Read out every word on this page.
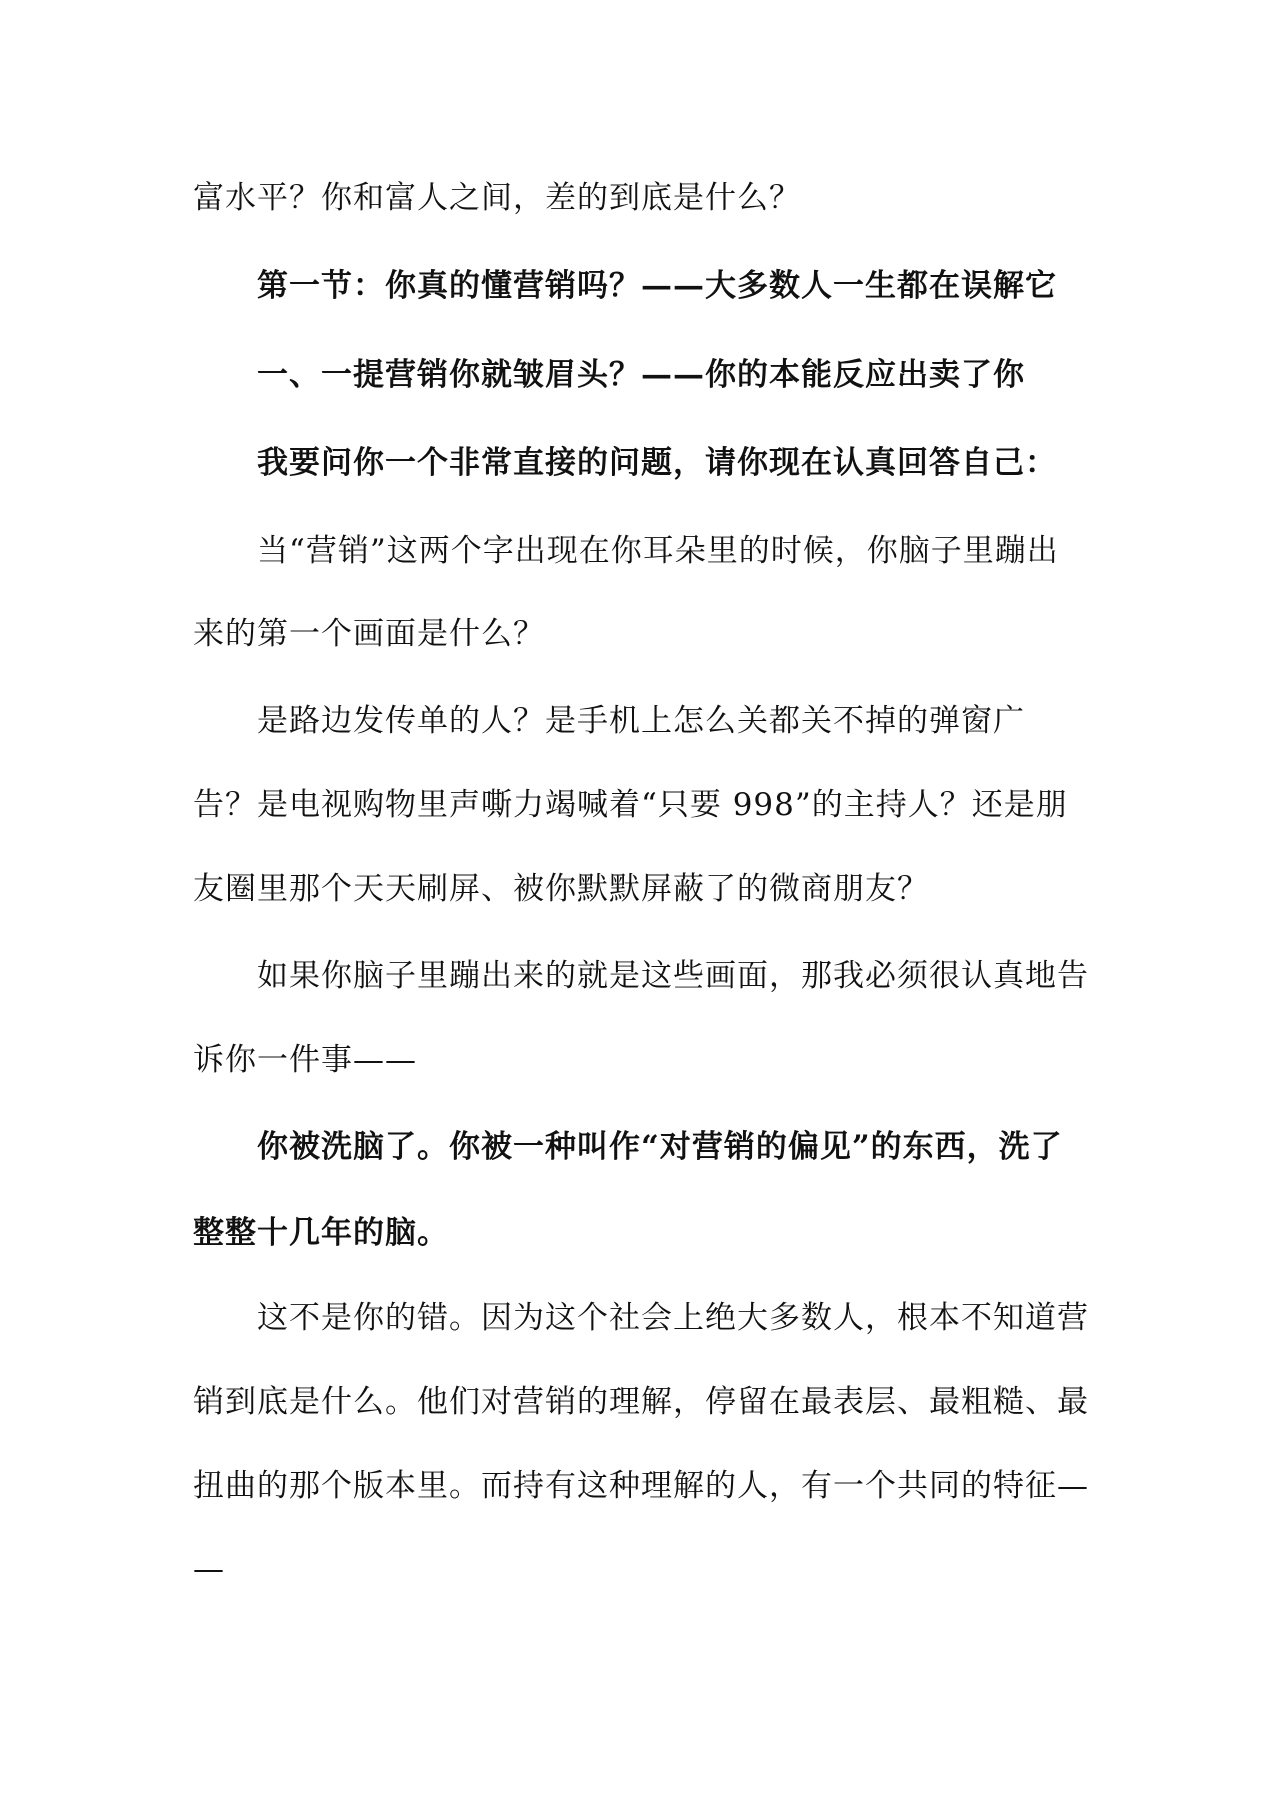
富水平？你和富人之间，差的到底是什么？
第一节：你真的懂营销吗？——大多数人一生都在误解它
一、一提营销你就皱眉头？——你的本能反应出卖了你
我要问你一个非常直接的问题，请你现在认真回答自己：
当“营销”这两个字出现在你耳朵里的时候，你脑子里蹦出
来的第一个画面是什么？
是路边发传单的人？是手机上怎么关都关不掉的弹窗广
告？是电视购物里声嘶力竭喊着“只要 998”的主持人？还是朋
友圈里那个天天刷屏、被你默默屏蔽了的微商朋友？
如果你脑子里蹦出来的就是这些画面，那我必须很认真地告
诉你一件事——
你被洗脑了。你被一种叫作“对营销的偏见”的东西，洗了
整整十几年的脑。
这不是你的错。因为这个社会上绝大多数人，根本不知道营
销到底是什么。他们对营销的理解，停留在最表层、最粗糙、最
扭曲的那个版本里。而持有这种理解的人，有一个共同的特征—
—
